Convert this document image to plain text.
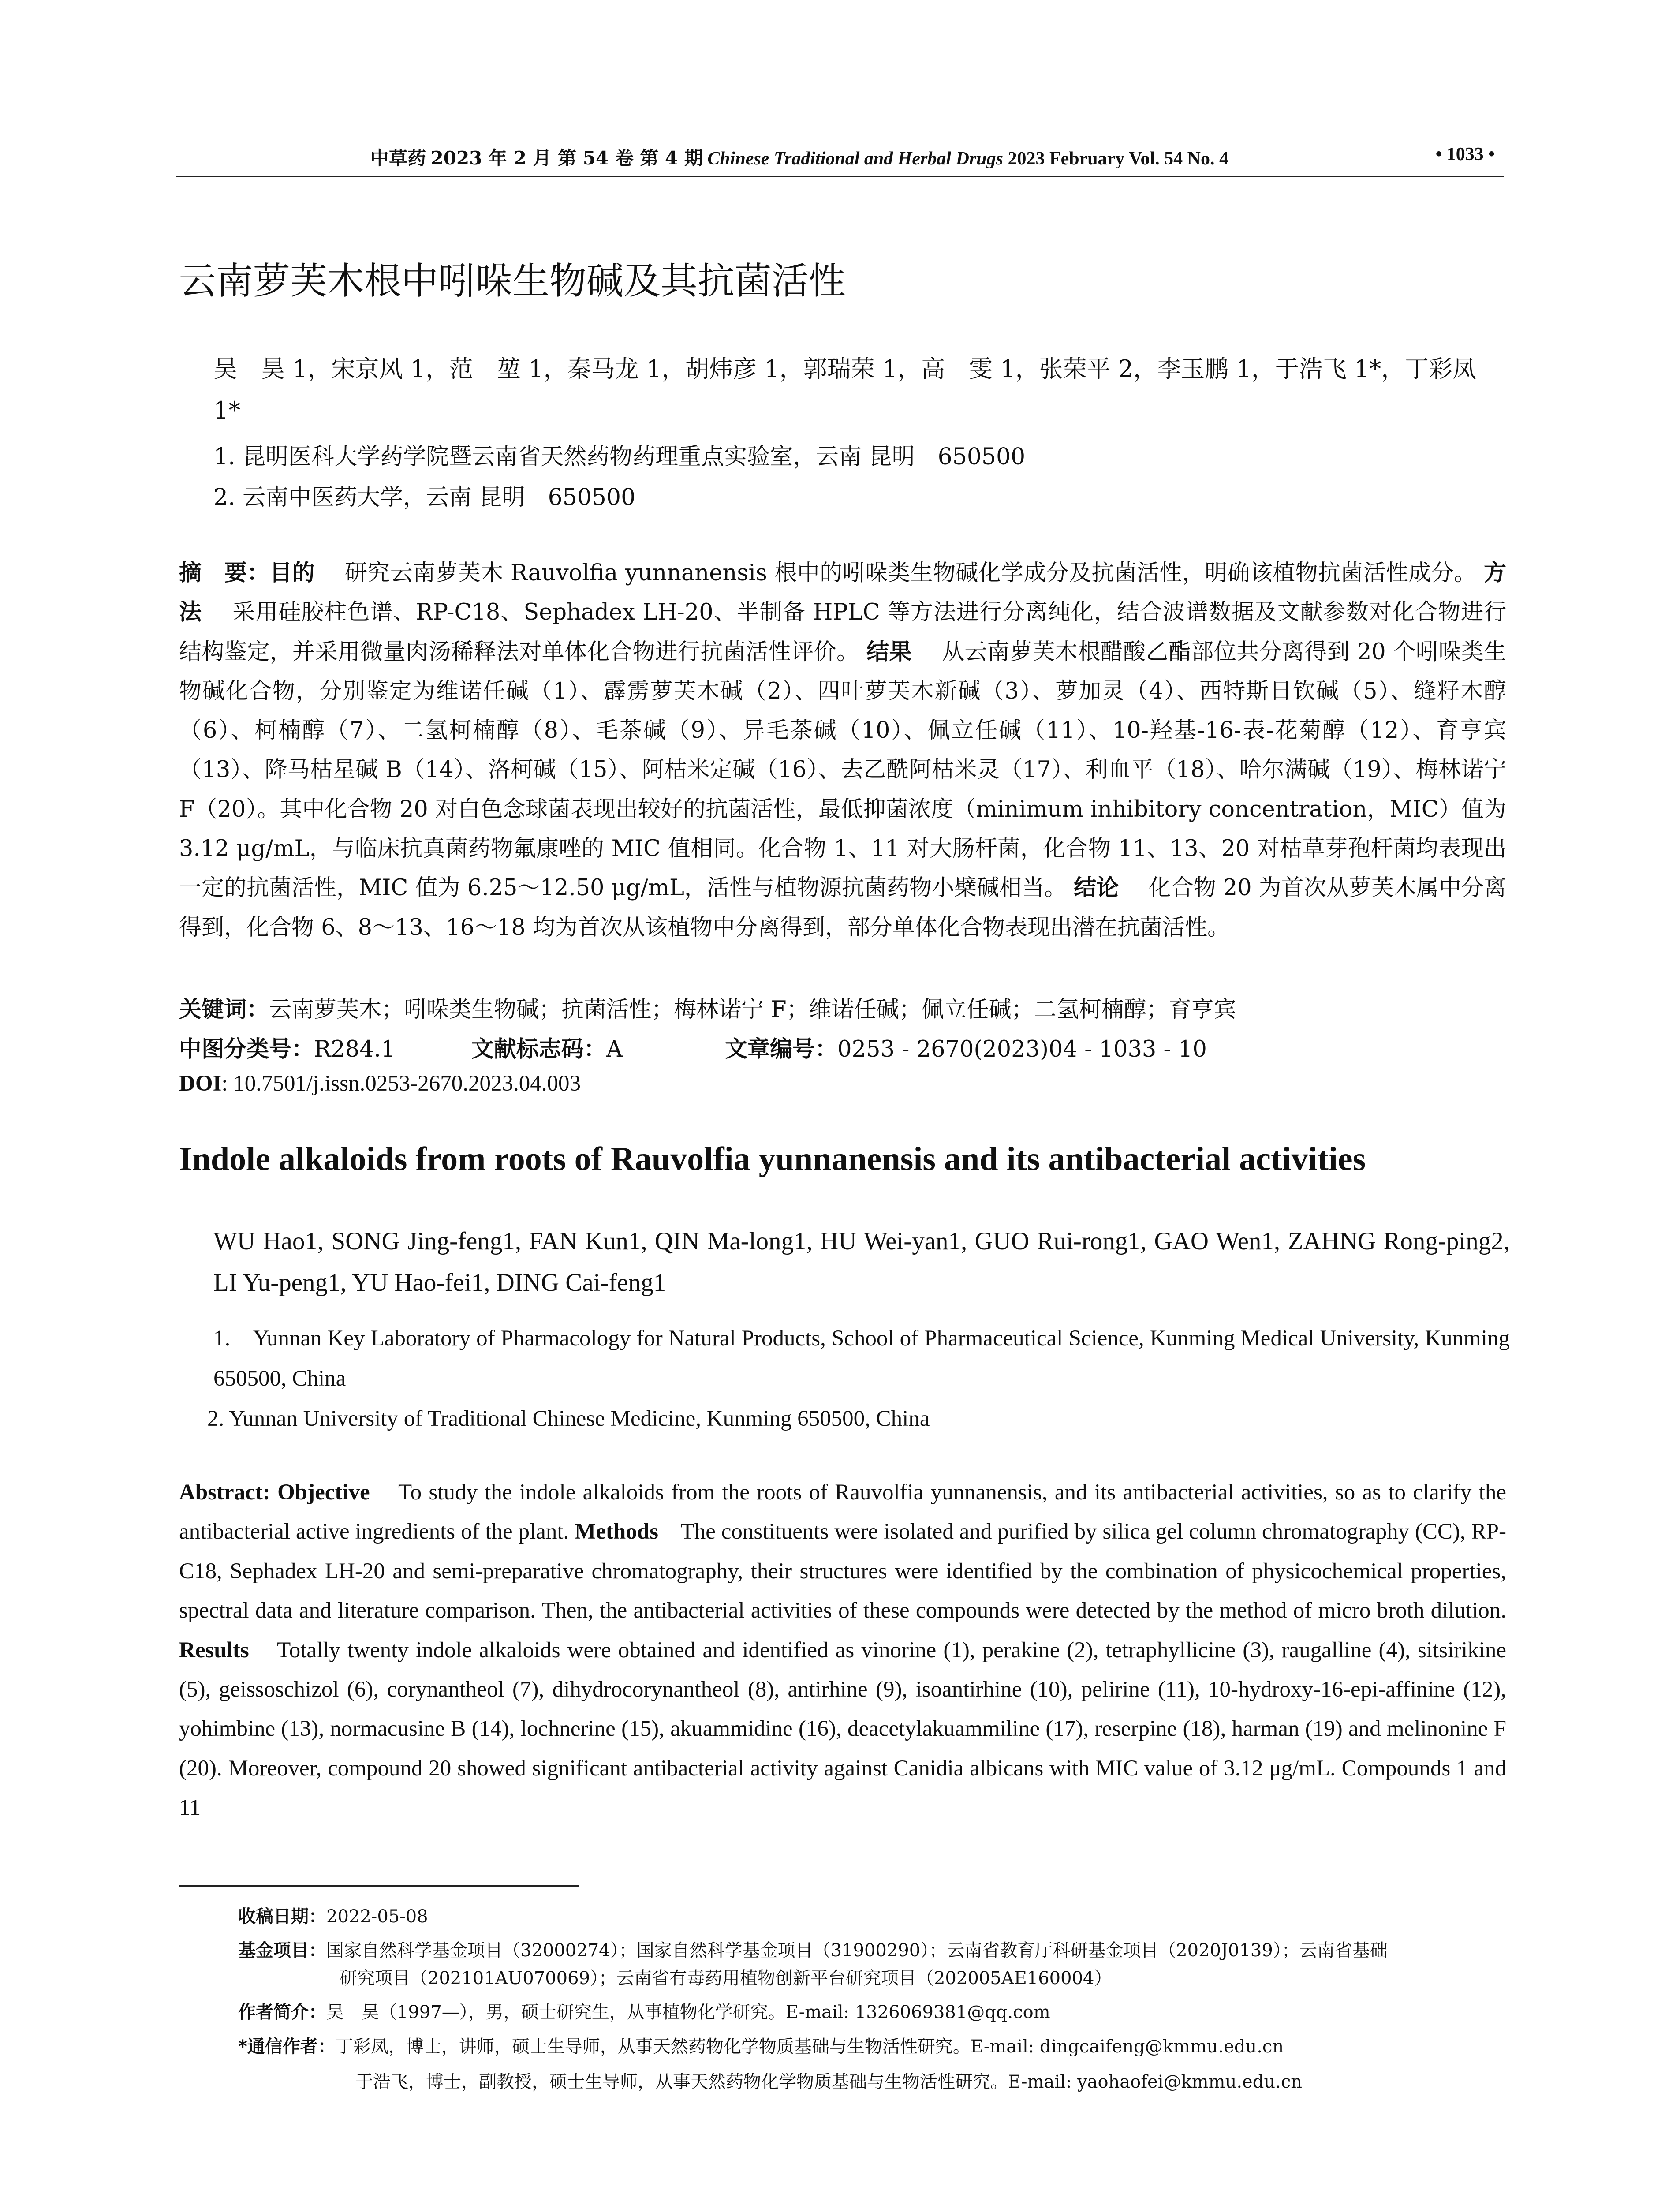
中草药 2023 年 2 月 第 54 卷 第 4 期 Chinese Traditional and Herbal Drugs 2023 February Vol. 54 No. 4	• 1033 •
云南萝芙木根中吲哚生物碱及其抗菌活性
吴　昊 1，宋京风 1，范　堃 1，秦马龙 1，胡炜彦 1，郭瑞荣 1，高　雯 1，张荣平 2，李玉鹏 1，于浩飞 1*，丁彩凤 1*
1. 昆明医科大学药学院暨云南省天然药物药理重点实验室，云南 昆明　650500
2. 云南中医药大学，云南 昆明　650500
摘　要：目的　 研究云南萝芙木 Rauvolfia yunnanensis 根中的吲哚类生物碱化学成分及抗菌活性，明确该植物抗菌活性成分。 方法　 采用硅胶柱色谱、RP-C18、Sephadex LH-20、半制备 HPLC 等方法进行分离纯化，结合波谱数据及文献参数对化合物进行结构鉴定，并采用微量肉汤稀释法对单体化合物进行抗菌活性评价。 结果　 从云南萝芙木根醋酸乙酯部位共分离得到 20 个吲哚类生物碱化合物，分别鉴定为维诺任碱（1）、霹雳萝芙木碱（2）、四叶萝芙木新碱（3）、萝加灵（4）、西特斯日钦碱（5）、缝籽木醇（6）、柯楠醇（7）、二氢柯楠醇（8）、毛茶碱（9）、异毛茶碱（10）、佩立任碱（11）、10-羟基-16-表-花菊醇（12）、育亨宾（13）、降马枯星碱 B（14）、洛柯碱（15）、阿枯米定碱（16）、去乙酰阿枯米灵（17）、利血平（18）、哈尔满碱（19）、梅林诺宁 F（20）。其中化合物 20 对白色念球菌表现出较好的抗菌活性，最低抑菌浓度（minimum inhibitory concentration，MIC）值为 3.12 μg/mL，与临床抗真菌药物氟康唑的 MIC 值相同。化合物 1、11 对大肠杆菌，化合物 11、13、20 对枯草芽孢杆菌均表现出一定的抗菌活性，MIC 值为 6.25～12.50 μg/mL，活性与植物源抗菌药物小檗碱相当。 结论　 化合物 20 为首次从萝芙木属中分离得到，化合物 6、8～13、16～18 均为首次从该植物中分离得到，部分单体化合物表现出潜在抗菌活性。
关键词：云南萝芙木；吲哚类生物碱；抗菌活性；梅林诺宁 F；维诺任碱；佩立任碱；二氢柯楠醇；育亨宾
中图分类号：R284.1	文献标志码：A	文章编号：0253 - 2670(2023)04 - 1033 - 10
DOI: 10.7501/j.issn.0253-2670.2023.04.003
Indole alkaloids from roots of Rauvolfia yunnanensis and its antibacterial activities
WU Hao1, SONG Jing-feng1, FAN Kun1, QIN Ma-long1, HU Wei-yan1, GUO Rui-rong1, GAO Wen1, ZAHNG Rong-ping2, LI Yu-peng1, YU Hao-fei1, DING Cai-feng1
1.　Yunnan Key Laboratory of Pharmacology for Natural Products, School of Pharmaceutical Science, Kunming Medical University, Kunming 650500, China
2. Yunnan University of Traditional Chinese Medicine, Kunming 650500, China
Abstract: Objective To study the indole alkaloids from the roots of Rauvolfia yunnanensis, and its antibacterial activities, so as to clarify the antibacterial active ingredients of the plant. Methods The constituents were isolated and purified by silica gel column chromatography (CC), RP-C18, Sephadex LH-20 and semi-preparative chromatography, their structures were identified by the combination of physicochemical properties, spectral data and literature comparison. Then, the antibacterial activities of these compounds were detected by the method of micro broth dilution. Results Totally twenty indole alkaloids were obtained and identified as vinorine (1), perakine (2), tetraphyllicine (3), raugalline (4), sitsirikine (5), geissoschizol (6), corynantheol (7), dihydrocorynantheol (8), antirhine (9), isoantirhine (10), pelirine (11), 10-hydroxy-16-epi-affinine (12), yohimbine (13), normacusine B (14), lochnerine (15), akuammidine (16), deacetylakuammiline (17), reserpine (18), harman (19) and melinonine F (20). Moreover, compound 20 showed significant antibacterial activity against Canidia albicans with MIC value of 3.12 μg/mL. Compounds 1 and 11
收稿日期：2022-05-08
基金项目：国家自然科学基金项目（32000274）；国家自然科学基金项目（31900290）；云南省教育厅科研基金项目（2020J0139）；云南省基础
研究项目（202101AU070069）；云南省有毒药用植物创新平台研究项目（202005AE160004）
作者简介：吴　昊（1997—），男，硕士研究生，从事植物化学研究。E-mail: 1326069381@qq.com
*通信作者：丁彩凤，博士，讲师，硕士生导师，从事天然药物化学物质基础与生物活性研究。E-mail: dingcaifeng@kmmu.edu.cn
于浩飞，博士，副教授，硕士生导师，从事天然药物化学物质基础与生物活性研究。E-mail: yaohaofei@kmmu.edu.cn
